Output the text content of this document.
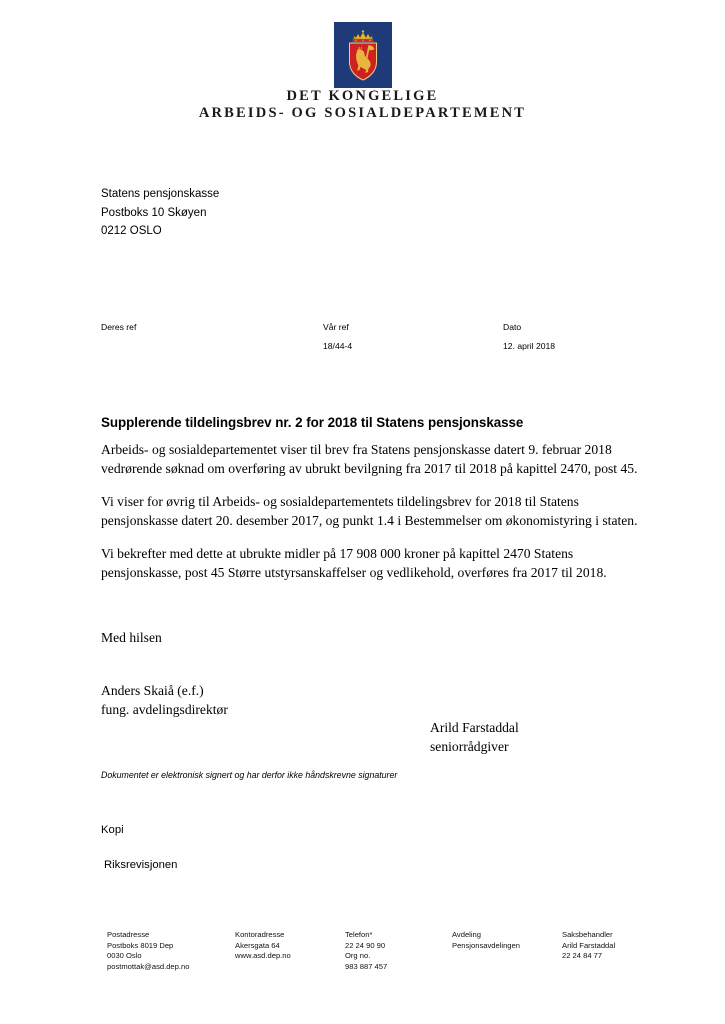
DET KONGELIGE
ARBEIDS- OG SOSIALDEPARTEMENT
Statens pensjonskasse
Postboks 10 Skøyen
0212 OSLO
Deres ref	Vår ref
18/44-4
Dato
12. april 2018
Supplerende tildelingsbrev nr. 2 for 2018 til Statens pensjonskasse

Arbeids- og sosialdepartementet viser til brev fra Statens pensjonskasse datert 9. februar 2018 vedrørende søknad om overføring av ubrukt bevilgning fra 2017 til 2018 på kapittel 2470, post 45.

Vi viser for øvrig til Arbeids- og sosialdepartementets tildelingsbrev for 2018 til Statens pensjonskasse datert 20. desember 2017, og punkt 1.4 i Bestemmelser om økonomistyring i staten.

Vi bekrefter med dette at ubrukte midler på 17 908 000 kroner på kapittel 2470 Statens pensjonskasse, post 45 Større utstyrsanskaffelser og vedlikehold, overføres fra 2017 til 2018.

Med hilsen
Anders Skaiå (e.f.)
fung. avdelingsdirektør
Arild Farstaddal
seniorrådgiver
Dokumentet er elektronisk signert og har derfor ikke håndskrevne signaturer
Kopi
Riksrevisjonen
Postadresse
Postboks 8019 Dep
0030 Oslo
postmottak@asd.dep.no
Kontoradresse
Akersgata 64
www.asd.dep.no
Telefon*
22 24 90 90
Org no.
983 887 457
Avdeling
Pensjonsavdelingen
Saksbehandler
Arild Farstaddal
22 24 84 77
